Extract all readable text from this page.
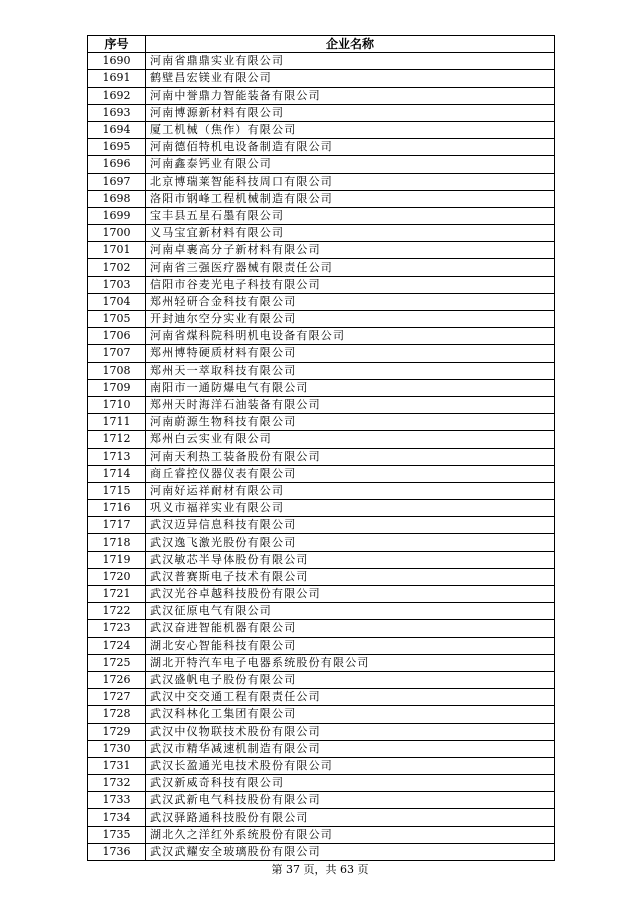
序号	企业名称
1690	河南省鼎鼎实业有限公司
1691	鹤壁昌宏镁业有限公司
1692	河南中誉鼎力智能装备有限公司
1693	河南博源新材料有限公司
1694	厦工机械（焦作）有限公司
1695	河南德佰特机电设备制造有限公司
1696	河南鑫泰钙业有限公司
1697	北京博瑞莱智能科技周口有限公司
1698	洛阳市钢峰工程机械制造有限公司
1699	宝丰县五星石墨有限公司
1700	义马宝宜新材料有限公司
1701	河南卓裹高分子新材料有限公司
1702	河南省三强医疗器械有限责任公司
1703	信阳市谷麦光电子科技有限公司
1704	郑州轻研合金科技有限公司
1705	开封迪尔空分实业有限公司
1706	河南省煤科院科明机电设备有限公司
1707	郑州博特硬质材料有限公司
1708	郑州天一萃取科技有限公司
1709	南阳市一通防爆电气有限公司
1710	郑州天时海洋石油装备有限公司
1711	河南蔚源生物科技有限公司
1712	郑州白云实业有限公司
1713	河南天利热工装备股份有限公司
1714	商丘睿控仪器仪表有限公司
1715	河南好运祥耐材有限公司
1716	巩义市福祥实业有限公司
1717	武汉迈异信息科技有限公司
1718	武汉逸飞激光股份有限公司
1719	武汉敏芯半导体股份有限公司
1720	武汉普赛斯电子技术有限公司
1721	武汉光谷卓越科技股份有限公司
1722	武汉征原电气有限公司
1723	武汉奋进智能机器有限公司
1724	湖北安心智能科技有限公司
1725	湖北开特汽车电子电器系统股份有限公司
1726	武汉盛帆电子股份有限公司
1727	武汉中交交通工程有限责任公司
1728	武汉科林化工集团有限公司
1729	武汉中仪物联技术股份有限公司
1730	武汉市精华减速机制造有限公司
1731	武汉长盈通光电技术股份有限公司
1732	武汉新威奇科技有限公司
1733	武汉武新电气科技股份有限公司
1734	武汉驿路通科技股份有限公司
1735	湖北久之洋红外系统股份有限公司
1736	武汉武耀安全玻璃股份有限公司
第 37 页，共 63 页
